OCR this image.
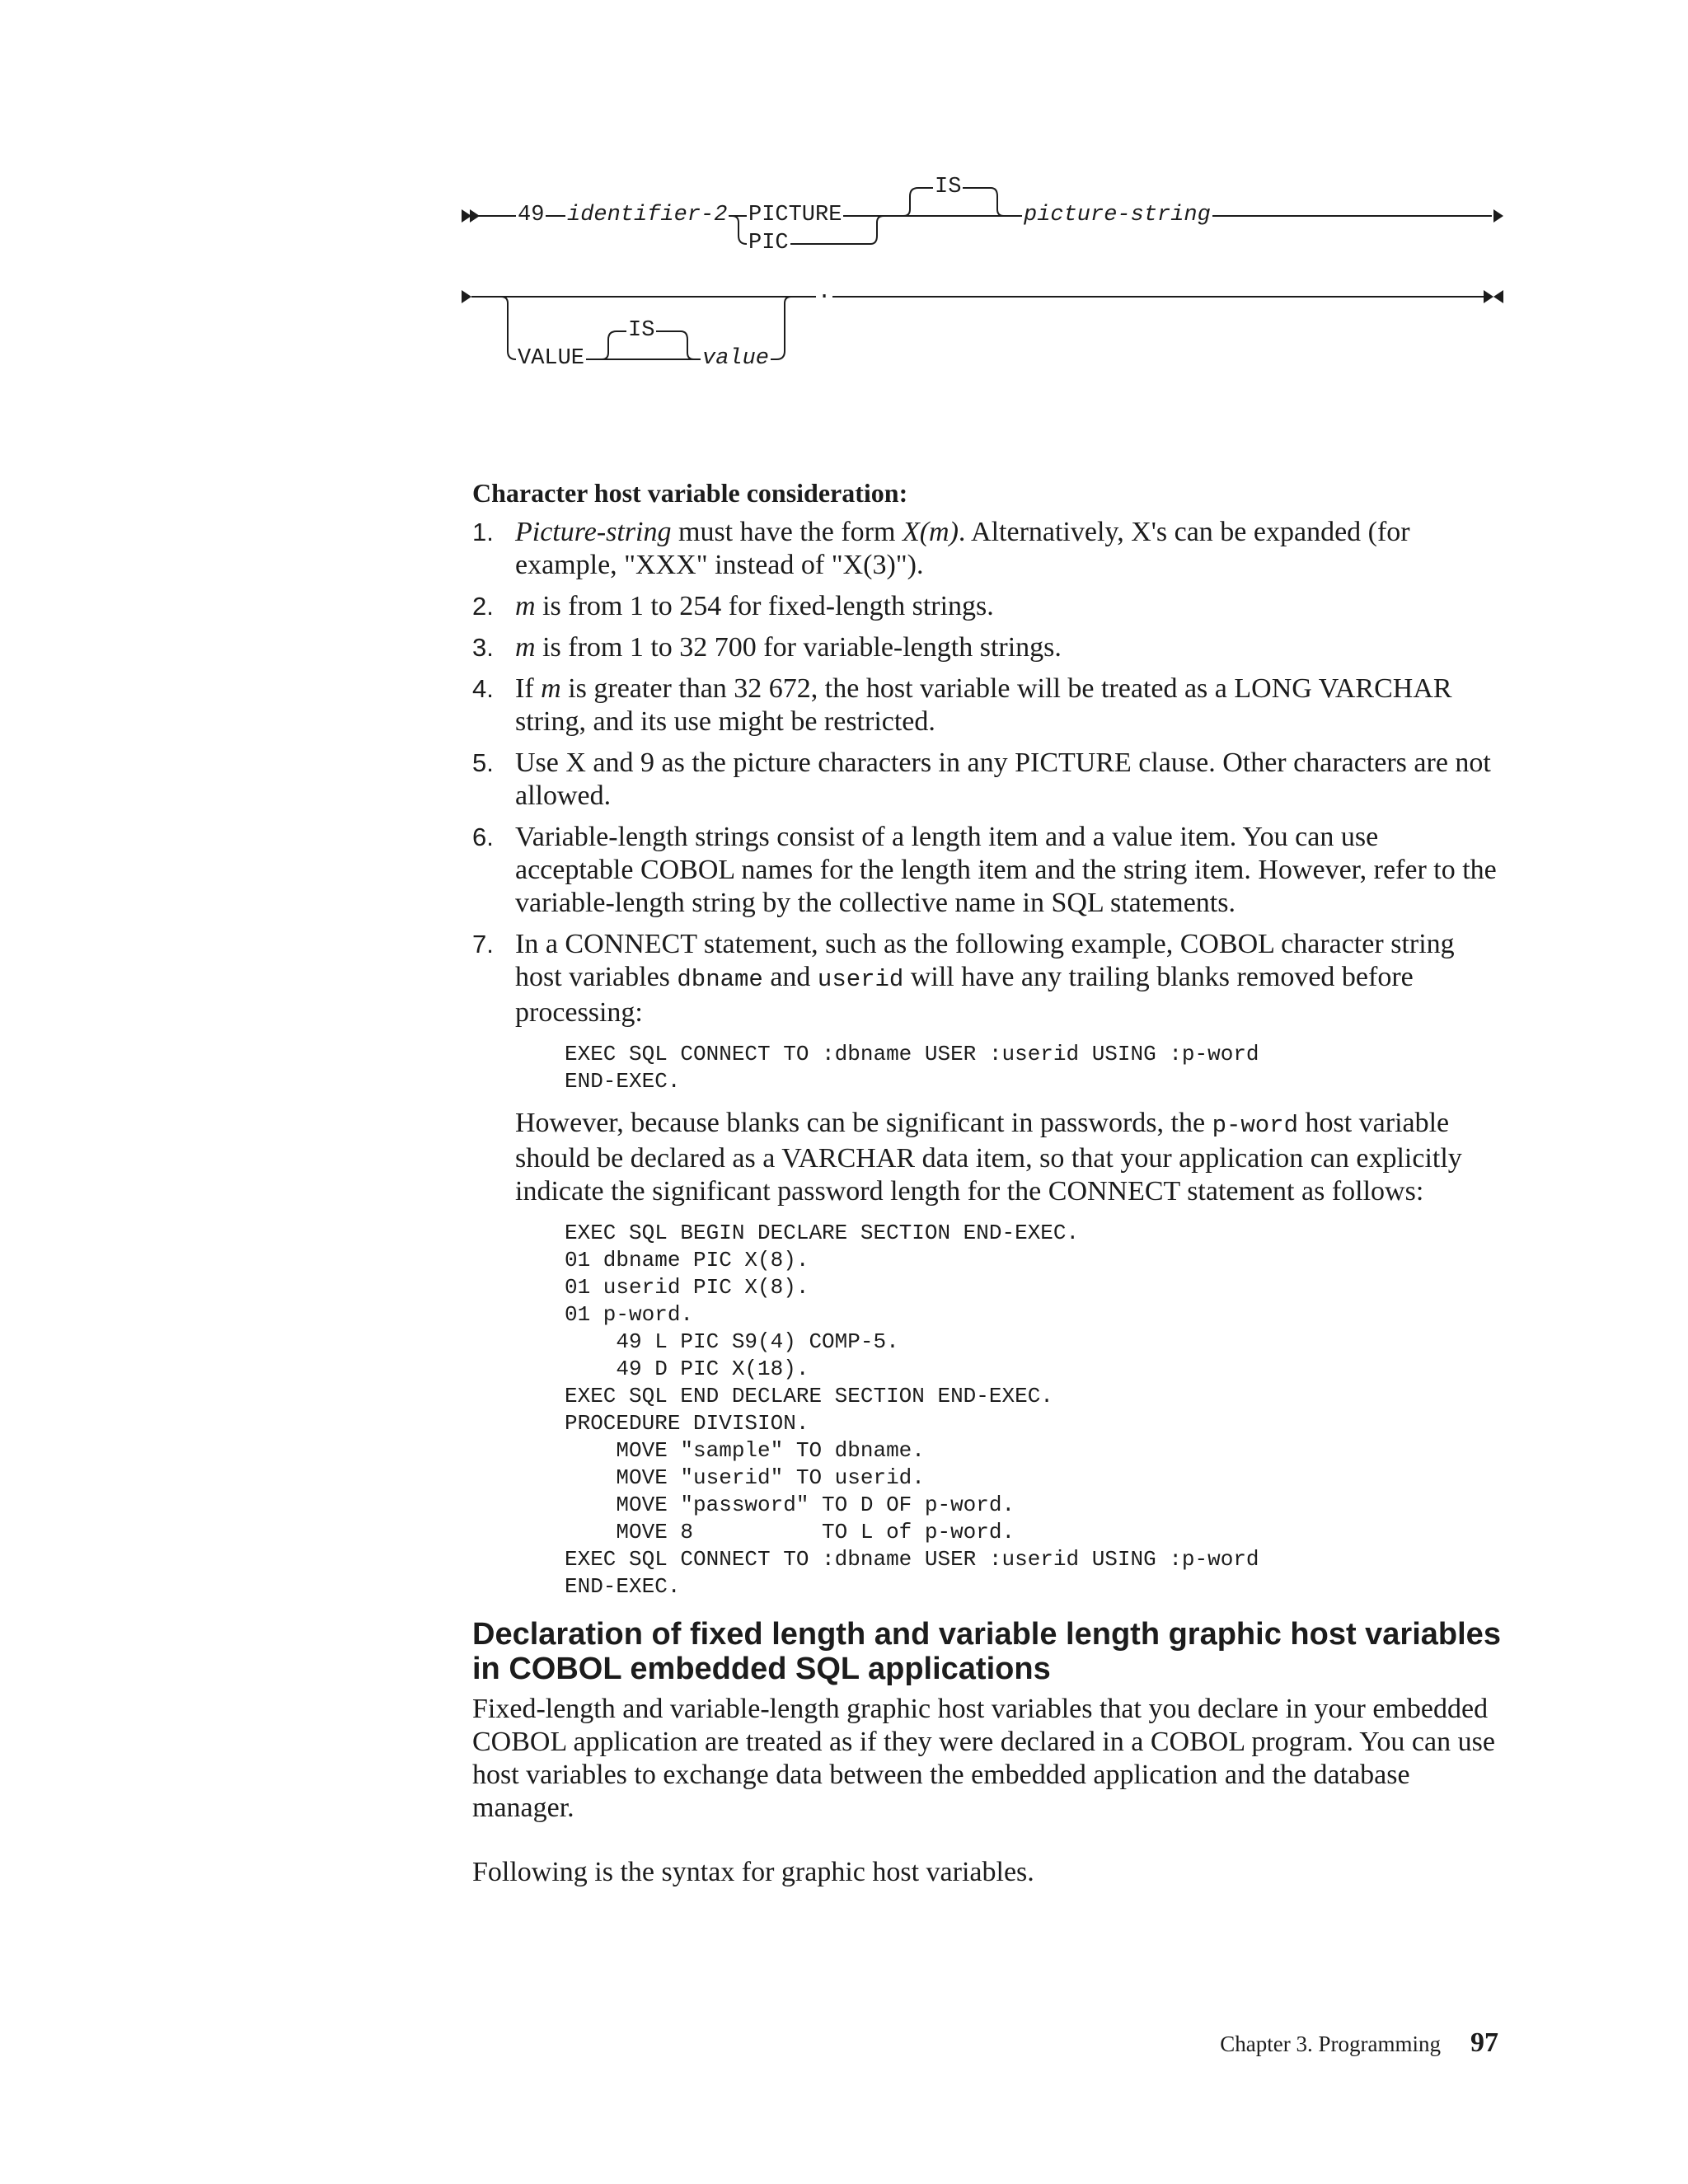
49 identifier-2 PICTURE
PIC
IS
picture-string
.
VALUE
IS
value
Character host variable consideration:
1. Picture-string must have the form X(m). Alternatively, X's can be expanded (for example, "XXX" instead of "X(3)").
2. m is from 1 to 254 for fixed-length strings.
3. m is from 1 to 32 700 for variable-length strings.
4. If m is greater than 32 672, the host variable will be treated as a LONG VARCHAR string, and its use might be restricted.
5. Use X and 9 as the picture characters in any PICTURE clause. Other characters are not allowed.
6. Variable-length strings consist of a length item and a value item. You can use acceptable COBOL names for the length item and the string item. However, refer to the variable-length string by the collective name in SQL statements.
7. In a CONNECT statement, such as the following example, COBOL character string host variables dbname and userid will have any trailing blanks removed before processing:
EXEC SQL CONNECT TO :dbname USER :userid USING :p-word
END-EXEC.
However, because blanks can be significant in passwords, the p-word host variable should be declared as a VARCHAR data item, so that your application can explicitly indicate the significant password length for the CONNECT statement as follows:
EXEC SQL BEGIN DECLARE SECTION END-EXEC.
01 dbname PIC X(8).
01 userid PIC X(8).
01 p-word.
49 L PIC S9(4) COMP-5.
49 D PIC X(18).
EXEC SQL END DECLARE SECTION END-EXEC.
PROCEDURE DIVISION.
MOVE "sample" TO dbname.
MOVE "userid" TO userid.
MOVE "password" TO D OF p-word.
MOVE 8          TO L of p-word.
EXEC SQL CONNECT TO :dbname USER :userid USING :p-word
END-EXEC.
Declaration of fixed length and variable length graphic host variables in COBOL embedded SQL applications

Fixed-length and variable-length graphic host variables that you declare in your embedded COBOL application are treated as if they were declared in a COBOL program. You can use host variables to exchange data between the embedded application and the database manager.

Following is the syntax for graphic host variables.

Chapter 3. Programming 97
